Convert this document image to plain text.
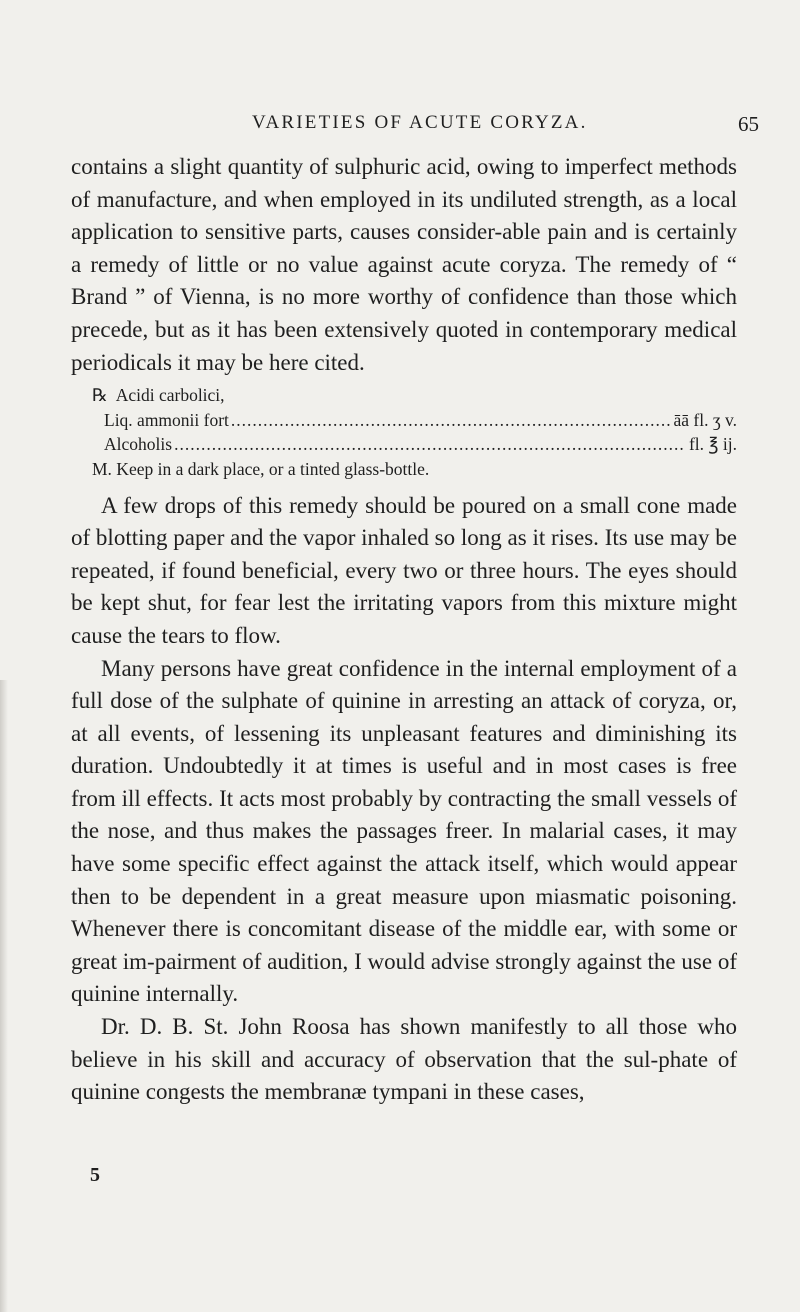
VARIETIES OF ACUTE CORYZA.	65

contains a slight quantity of sulphuric acid, owing to imperfect methods of manufacture, and when employed in its undiluted strength, as a local application to sensitive parts, causes consider-able pain and is certainly a remedy of little or no value against acute coryza. The remedy of “ Brand ” of Vienna, is no more worthy of confidence than those which precede, but as it has been extensively quoted in contemporary medical periodicals it may be here cited.

℞ Acidi carbolici,
Liq. ammonii fort .....	āā fl. ʒ v.
Alcoholis .....	fl. ℥ ij.
M. Keep in a dark place, or a tinted glass-bottle.

A few drops of this remedy should be poured on a small cone made of blotting paper and the vapor inhaled so long as it rises. Its use may be repeated, if found beneficial, every two or three hours. The eyes should be kept shut, for fear lest the irritating vapors from this mixture might cause the tears to flow.

Many persons have great confidence in the internal employment of a full dose of the sulphate of quinine in arresting an attack of coryza, or, at all events, of lessening its unpleasant features and diminishing its duration. Undoubtedly it at times is useful and in most cases is free from ill effects. It acts most probably by contracting the small vessels of the nose, and thus makes the passages freer. In malarial cases, it may have some specific effect against the attack itself, which would appear then to be dependent in a great measure upon miasmatic poisoning. Whenever there is concomitant disease of the middle ear, with some or great im-pairment of audition, I would advise strongly against the use of quinine internally.

Dr. D. B. St. John Roosa has shown manifestly to all those who believe in his skill and accuracy of observation that the sul-phate of quinine congests the membranæ tympani in these cases,

5
